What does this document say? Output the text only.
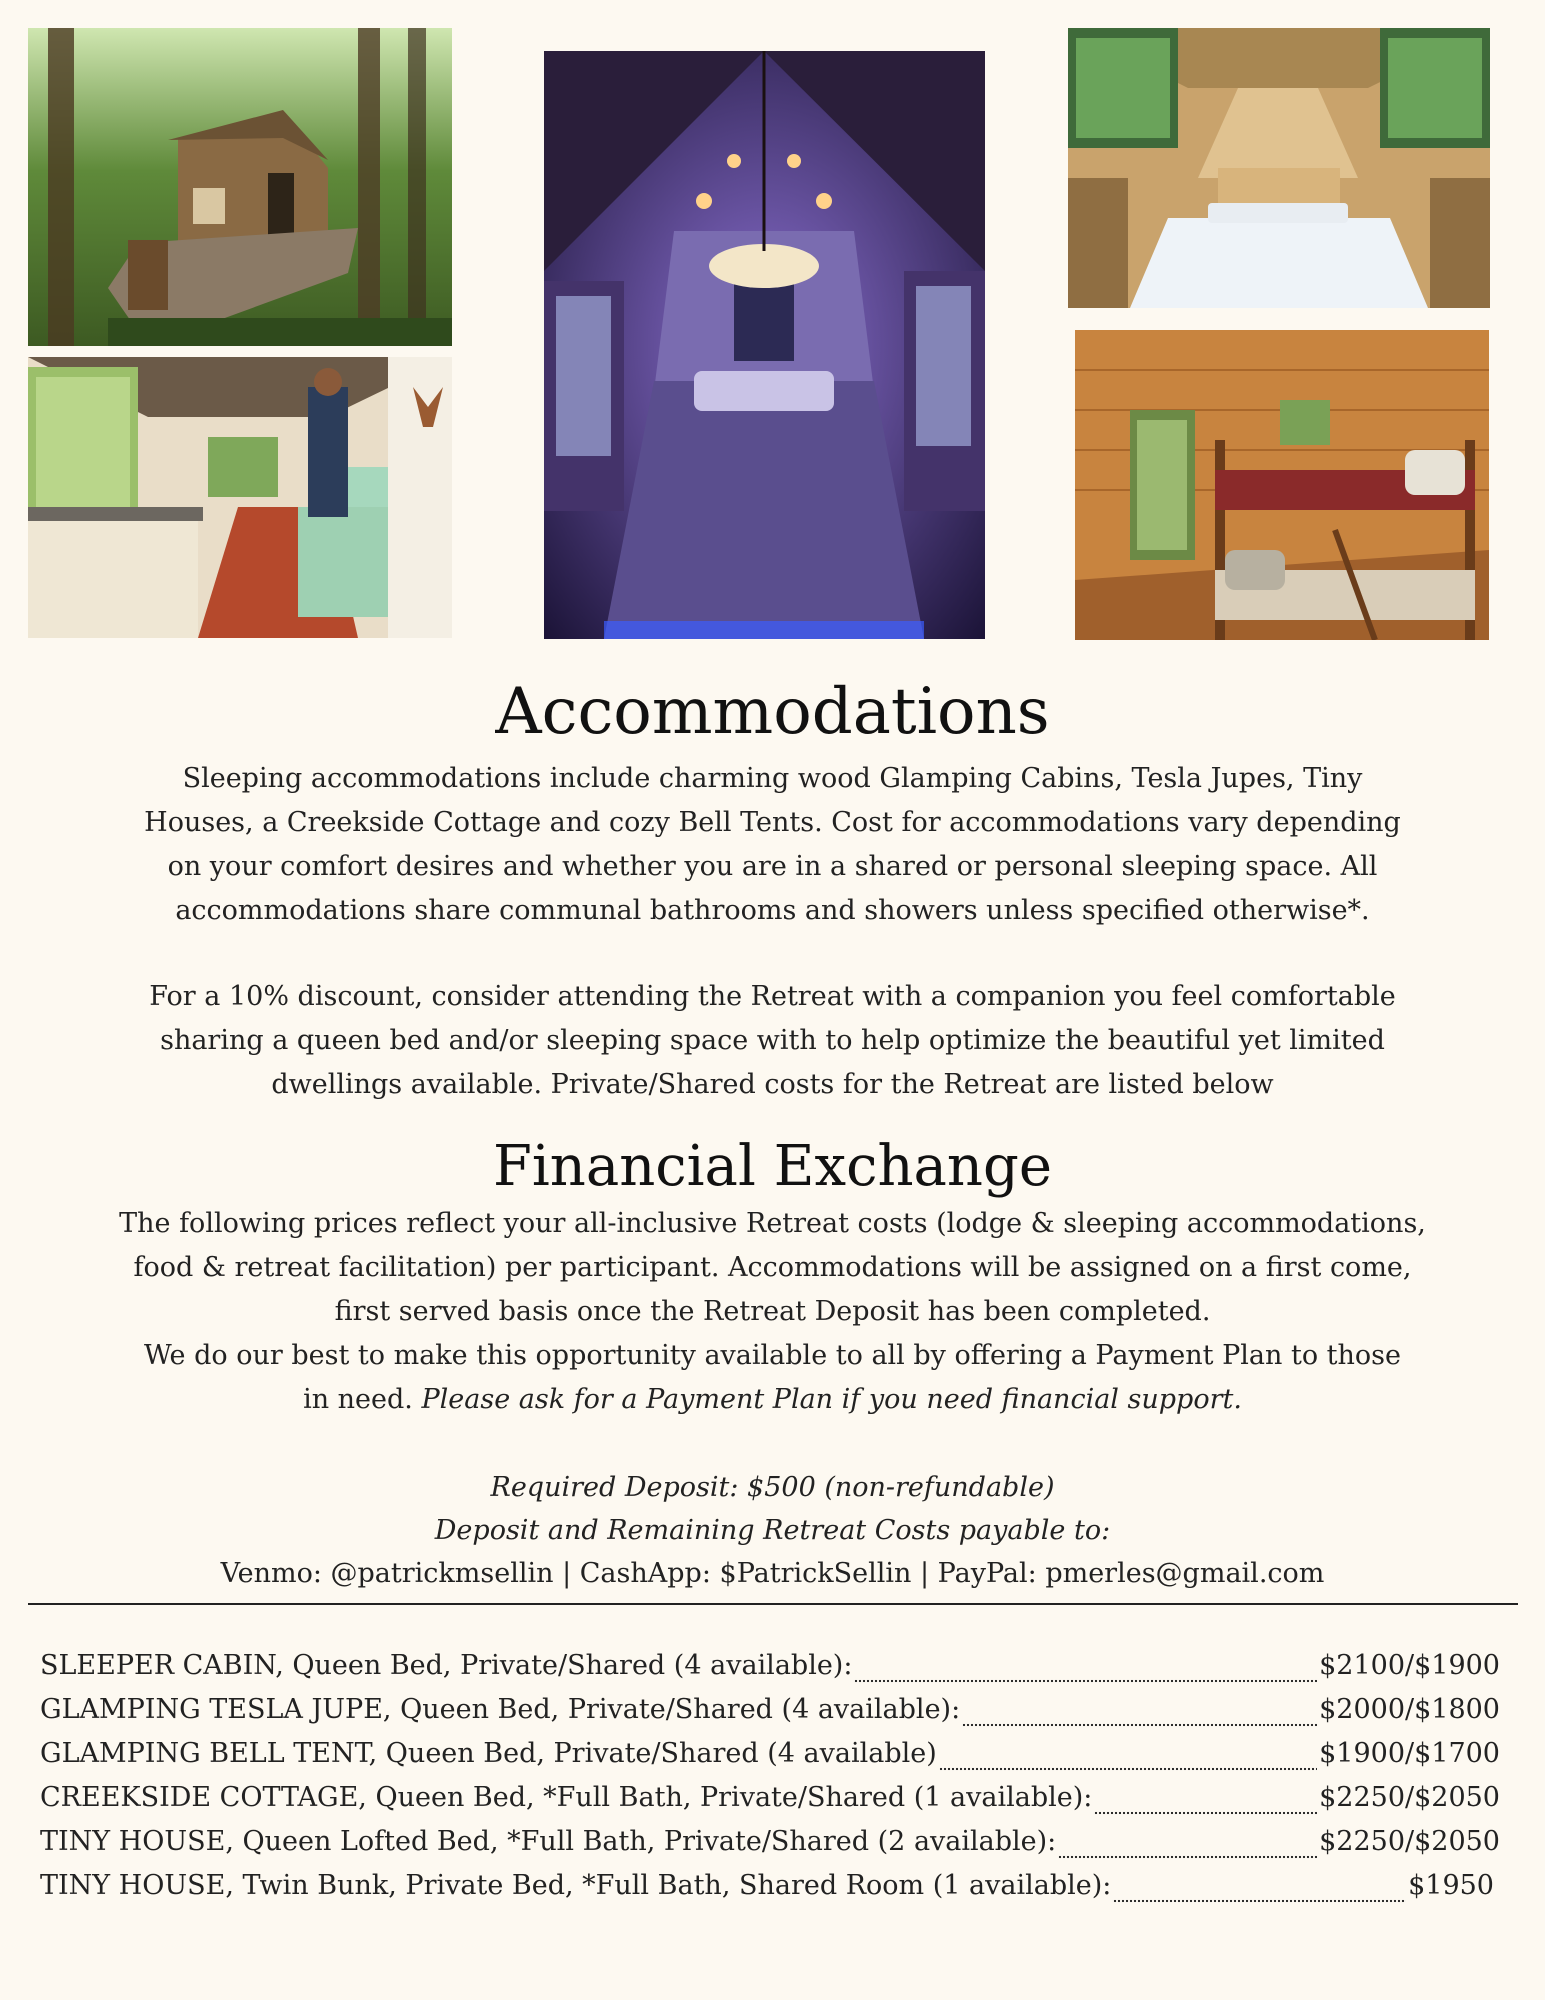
Accommodations
Sleeping accommodations include charming wood Glamping Cabins, Tesla Jupes, Tiny
Houses, a Creekside Cottage and cozy Bell Tents. Cost for accommodations vary depending
on your comfort desires and whether you are in a shared or personal sleeping space. All
accommodations share communal bathrooms and showers unless specified otherwise*.
For a 10% discount, consider attending the Retreat with a companion you feel comfortable
sharing a queen bed and/or sleeping space with to help optimize the beautiful yet limited
dwellings available. Private/Shared costs for the Retreat are listed below
Financial Exchange
The following prices reflect your all-inclusive Retreat costs (lodge & sleeping accommodations,
food & retreat facilitation) per participant. Accommodations will be assigned on a first come,
first served basis once the Retreat Deposit has been completed.
We do our best to make this opportunity available to all by offering a Payment Plan to those
in need. Please ask for a Payment Plan if you need financial support.
Required Deposit: $500 (non-refundable)
Deposit and Remaining Retreat Costs payable to:
Venmo: @patrickmsellin | CashApp: $PatrickSellin | PayPal: pmerles@gmail.com
SLEEPER CABIN, Queen Bed, Private/Shared (4 available):	$2100/$1900
GLAMPING TESLA JUPE, Queen Bed, Private/Shared (4 available):	$2000/$1800
GLAMPING BELL TENT, Queen Bed, Private/Shared (4 available)	$1900/$1700
CREEKSIDE COTTAGE, Queen Bed, *Full Bath, Private/Shared (1 available):	$2250/$2050
TINY HOUSE, Queen Lofted Bed, *Full Bath, Private/Shared (2 available):	$2250/$2050
TINY HOUSE, Twin Bunk, Private Bed, *Full Bath, Shared Room (1 available):	$1950
